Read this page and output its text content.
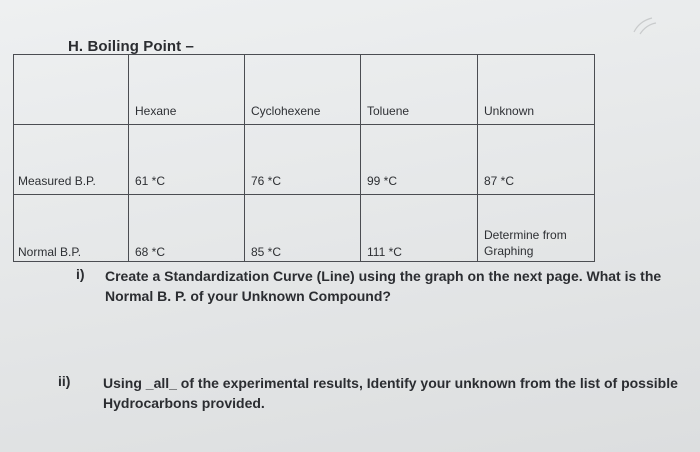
H. Boiling Point –
	Hexane	Cyclohexene	Toluene	Unknown
Measured B.P.	61 *C	76 *C	99 *C	87 *C
Normal B.P.	68 *C	85 *C	111 *C	Determine from
Graphing
i) Create a Standardization Curve (Line) using the graph on the next page. What is the Normal B. P. of your Unknown Compound?
ii) Using _all_ of the experimental results, Identify your unknown from the list of possible Hydrocarbons provided.
